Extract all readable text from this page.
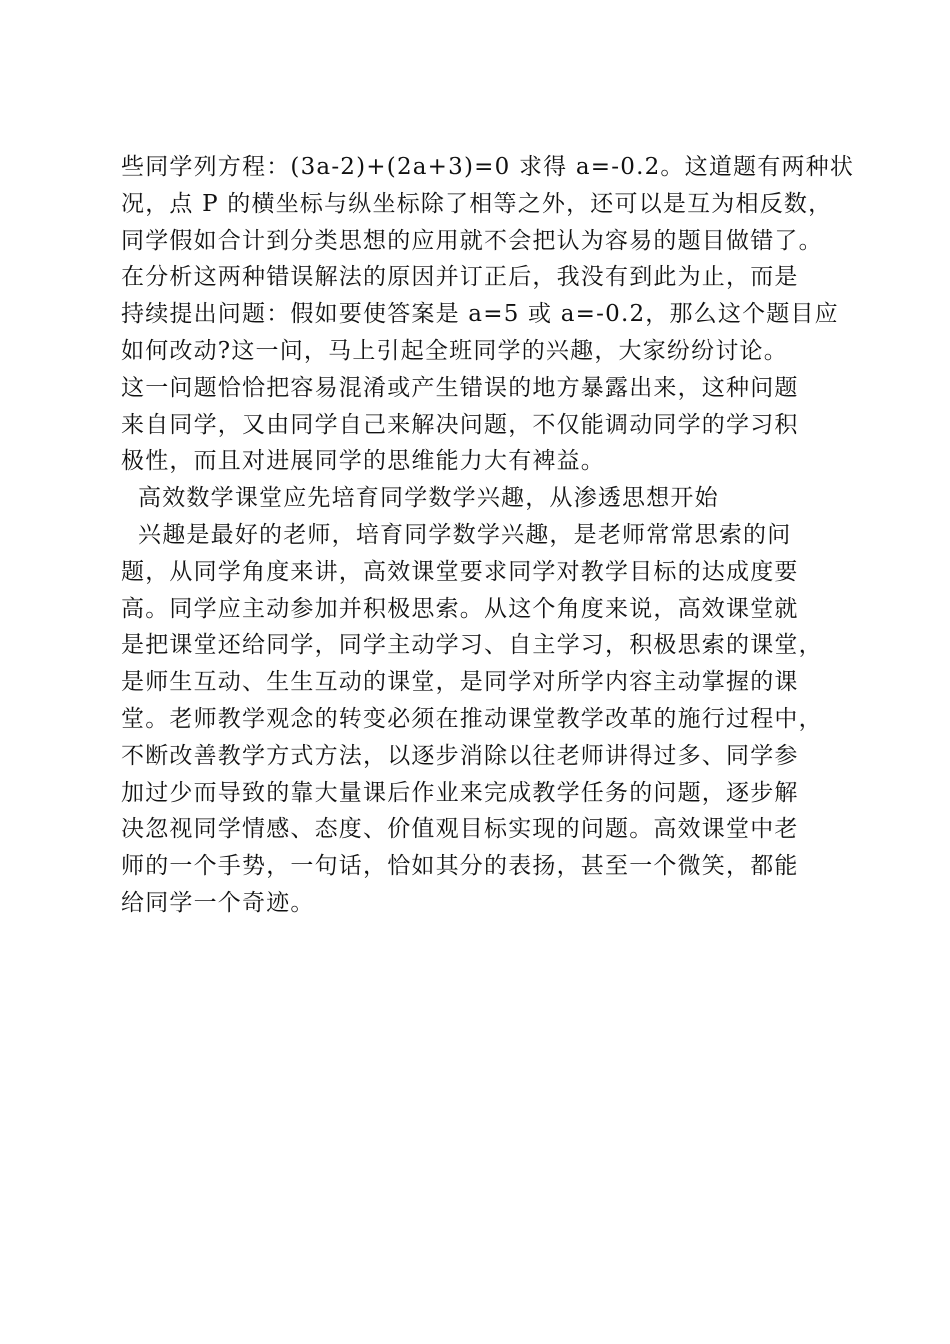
些同学列方程：(3a-2)+(2a+3)=0 求得 a=-0.2。这道题有两种状
况，点 P 的横坐标与纵坐标除了相等之外，还可以是互为相反数，
同学假如合计到分类思想的应用就不会把认为容易的题目做错了。
在分析这两种错误解法的原因并订正后，我没有到此为止，而是
持续提出问题：假如要使答案是 a=5 或 a=-0.2，那么这个题目应
如何改动?这一问，马上引起全班同学的兴趣，大家纷纷讨论。
这一问题恰恰把容易混淆或产生错误的地方暴露出来，这种问题
来自同学，又由同学自己来解决问题，不仅能调动同学的学习积
极性，而且对进展同学的思维能力大有裨益。
高效数学课堂应先培育同学数学兴趣，从渗透思想开始
兴趣是最好的老师，培育同学数学兴趣，是老师常常思索的问
题，从同学角度来讲，高效课堂要求同学对教学目标的达成度要
高。同学应主动参加并积极思索。从这个角度来说，高效课堂就
是把课堂还给同学，同学主动学习、自主学习，积极思索的课堂，
是师生互动、生生互动的课堂，是同学对所学内容主动掌握的课
堂。老师教学观念的转变必须在推动课堂教学改革的施行过程中，
不断改善教学方式方法，以逐步消除以往老师讲得过多、同学参
加过少而导致的靠大量课后作业来完成教学任务的问题，逐步解
决忽视同学情感、态度、价值观目标实现的问题。高效课堂中老
师的一个手势，一句话，恰如其分的表扬，甚至一个微笑，都能
给同学一个奇迹。
